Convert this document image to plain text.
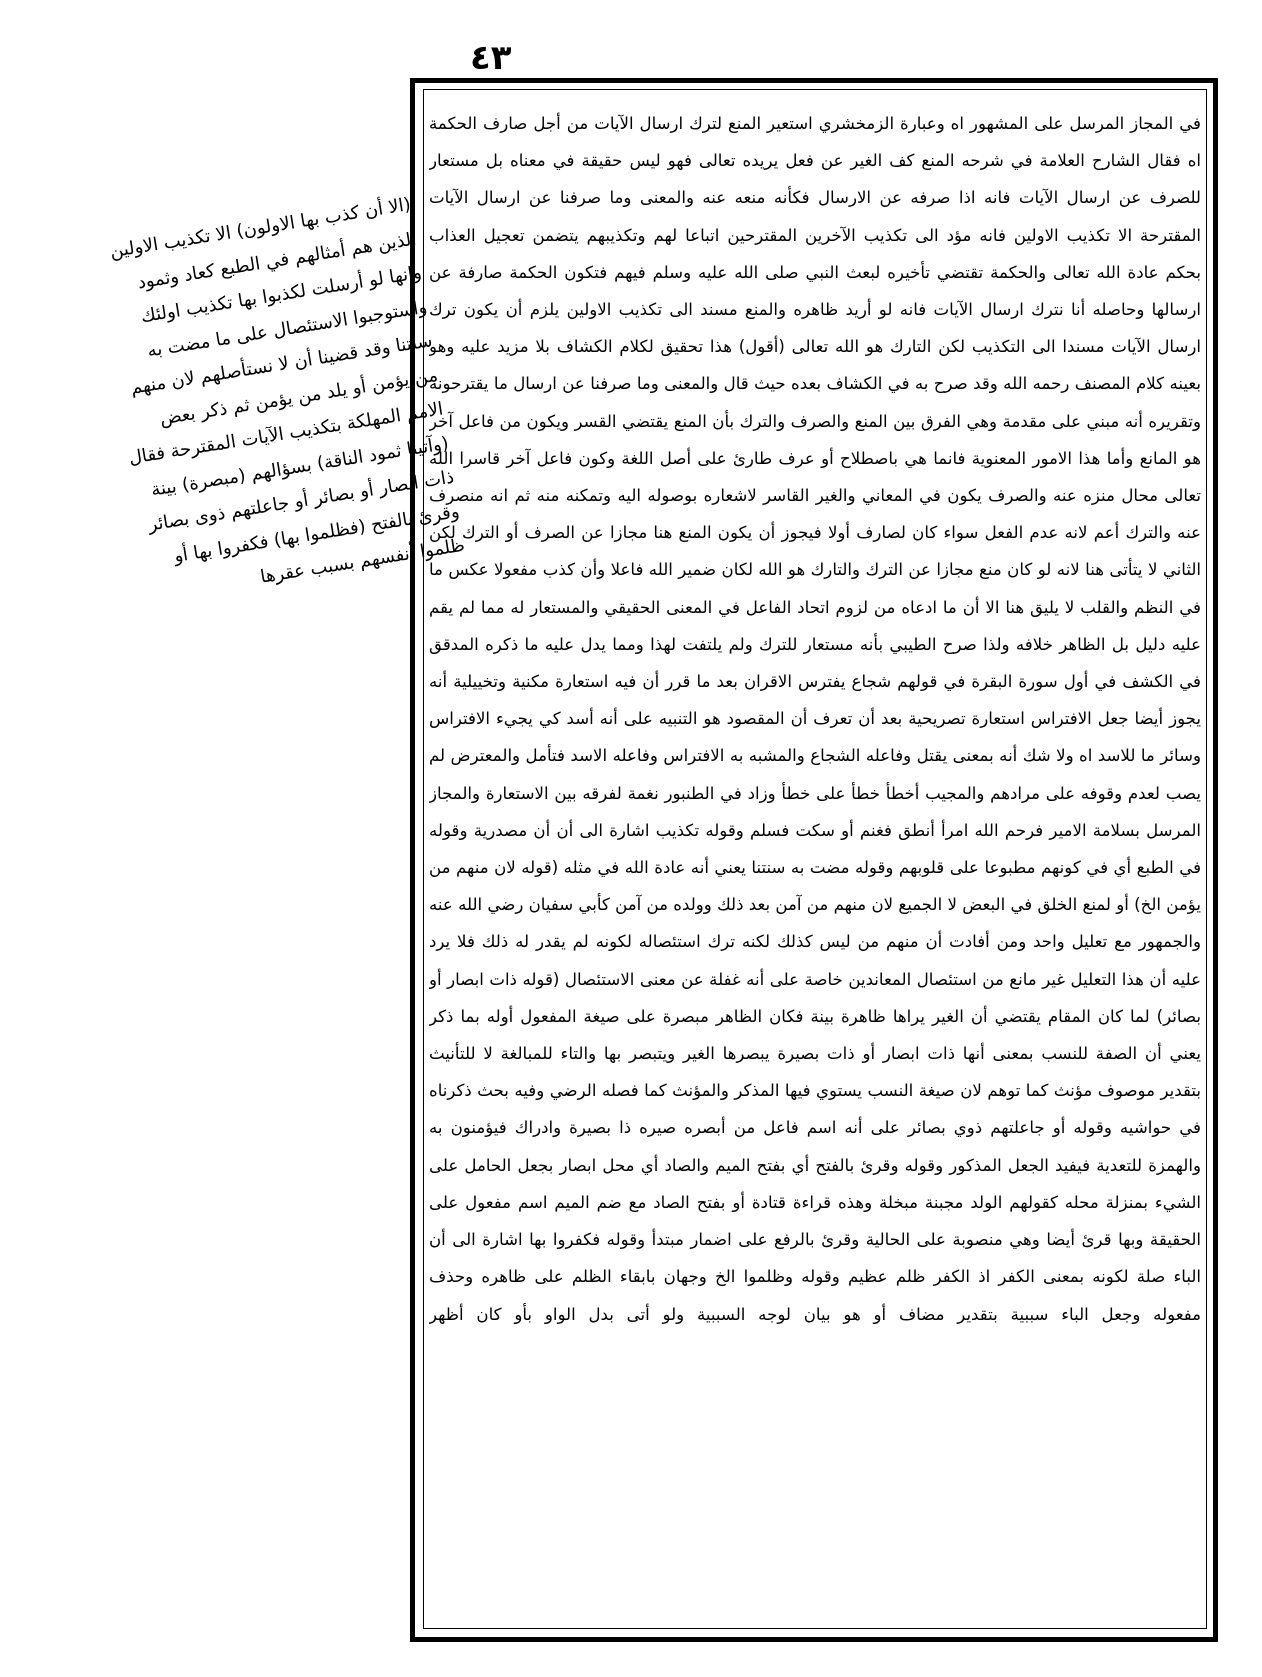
٤٣

(الا أن كذب بها الاولون) الا تكذيب الاولين الذين هم أمثالهم في الطبع كعاد وثمود وانها لو أرسلت لكذبوا بها تكذيب اولئك واستوجبوا الاستئصال على ما مضت به سنتنا وقد قضينا أن لا نستأصلهم لان منهم من يؤمن أو يلد من يؤمن ثم ذكر بعض الامم المهلكة بتكذيب الآيات المقترحة فقال (وآتينا ثمود الناقة) بسؤالهم (مبصرة) بينة ذات ابصار أو بصائر أو جاعلتهم ذوى بصائر وقرئ بالفتح (فظلموا بها) فكفروا بها أو ظلموا أنفسهم بسبب عقرها

في المجاز المرسل على المشهور اه وعبارة الزمخشري استعير المنع لترك ارسال الآيات من أجل صارف الحكمة اه فقال الشارح العلامة في شرحه المنع كف الغير عن فعل يريده تعالى فهو ليس حقيقة في معناه بل مستعار للصرف عن ارسال الآيات فانه اذا صرفه عن الارسال فكأنه منعه عنه والمعنى وما صرفنا عن ارسال الآيات المقترحة الا تكذيب الاولين فانه مؤد الى تكذيب الآخرين المقترحين اتباعا لهم وتكذيبهم يتضمن تعجيل العذاب بحكم عادة الله تعالى والحكمة تقتضي تأخيره لبعث النبي صلى الله عليه وسلم فيهم فتكون الحكمة صارفة عن ارسالها وحاصله أنا نترك ارسال الآيات فانه لو أريد ظاهره والمنع مسند الى تكذيب الاولين يلزم أن يكون ترك ارسال الآيات مسندا الى التكذيب لكن التارك هو الله تعالى (أقول) هذا تحقيق لكلام الكشاف بلا مزيد عليه وهو بعينه كلام المصنف رحمه الله وقد صرح به في الكشاف بعده حيث قال والمعنى وما صرفنا عن ارسال ما يقترحونه وتقريره أنه مبني على مقدمة وهي الفرق بين المنع والصرف والترك بأن المنع يقتضي القسر ويكون من فاعل آخر هو المانع وأما هذا الامور المعنوية فانما هي باصطلاح أو عرف طارئ على أصل اللغة وكون فاعل آخر قاسرا الله تعالى محال منزه عنه والصرف يكون في المعاني والغير القاسر لاشعاره بوصوله اليه وتمكنه منه ثم انه منصرف عنه والترك أعم لانه عدم الفعل سواء كان لصارف أولا فيجوز أن يكون المنع هنا مجازا عن الصرف أو الترك لكن الثاني لا يتأتى هنا لانه لو كان منع مجازا عن الترك والتارك هو الله لكان ضمير الله فاعلا وأن كذب مفعولا عكس ما في النظم والقلب لا يليق هنا الا أن ما ادعاه من لزوم اتحاد الفاعل في المعنى الحقيقي والمستعار له مما لم يقم عليه دليل بل الظاهر خلافه ولذا صرح الطيبي بأنه مستعار للترك ولم يلتفت لهذا ومما يدل عليه ما ذكره المدقق في الكشف في أول سورة البقرة في قولهم شجاع يفترس الاقران بعد ما قرر أن فيه استعارة مكنية وتخييلية أنه يجوز أيضا جعل الافتراس استعارة تصريحية بعد أن تعرف أن المقصود هو التنبيه على أنه أسد كي يجيء الافتراس وسائر ما للاسد اه ولا شك أنه بمعنى يقتل وفاعله الشجاع والمشبه به الافتراس وفاعله الاسد فتأمل والمعترض لم يصب لعدم وقوفه على مرادهم والمجيب أخطأ خطأ على خطأ وزاد في الطنبور نغمة لفرقه بين الاستعارة والمجاز المرسل بسلامة الامير فرحم الله امرأ أنطق فغنم أو سكت فسلم وقوله تكذيب اشارة الى أن أن مصدرية وقوله في الطبع أي في كونهم مطبوعا على قلوبهم وقوله مضت به سنتنا يعني أنه عادة الله في مثله (قوله لان منهم من يؤمن الخ) أو لمنع الخلق في البعض لا الجميع لان منهم من آمن بعد ذلك وولده من آمن كأبي سفيان رضي الله عنه والجمهور مع تعليل واحد ومن أفادت أن منهم من ليس كذلك لكنه ترك استئصاله لكونه لم يقدر له ذلك فلا يرد عليه أن هذا التعليل غير مانع من استئصال المعاندين خاصة على أنه غفلة عن معنى الاستئصال (قوله ذات ابصار أو بصائر) لما كان المقام يقتضي أن الغير يراها ظاهرة بينة فكان الظاهر مبصرة على صيغة المفعول أوله بما ذكر يعني أن الصفة للنسب بمعنى أنها ذات ابصار أو ذات بصيرة يبصرها الغير ويتبصر بها والتاء للمبالغة لا للتأنيث بتقدير موصوف مؤنث كما توهم لان صيغة النسب يستوي فيها المذكر والمؤنث كما فصله الرضي وفيه بحث ذكرناه في حواشيه وقوله أو جاعلتهم ذوي بصائر على أنه اسم فاعل من أبصره صيره ذا بصيرة وادراك فيؤمنون به والهمزة للتعدية فيفيد الجعل المذكور وقوله وقرئ بالفتح أي بفتح الميم والصاد أي محل ابصار بجعل الحامل على الشيء بمنزلة محله كقولهم الولد مجبنة مبخلة وهذه قراءة قتادة أو بفتح الصاد مع ضم الميم اسم مفعول على الحقيقة وبها قرئ أيضا وهي منصوبة على الحالية وقرئ بالرفع على اضمار مبتدأ وقوله فكفروا بها اشارة الى أن الباء صلة لكونه بمعنى الكفر اذ الكفر ظلم عظيم وقوله وظلموا الخ وجهان بابقاء الظلم على ظاهره وحذف مفعوله وجعل الباء سببية بتقدير مضاف أو هو بيان لوجه السببية ولو أتى بدل الواو بأو كان أظهر
